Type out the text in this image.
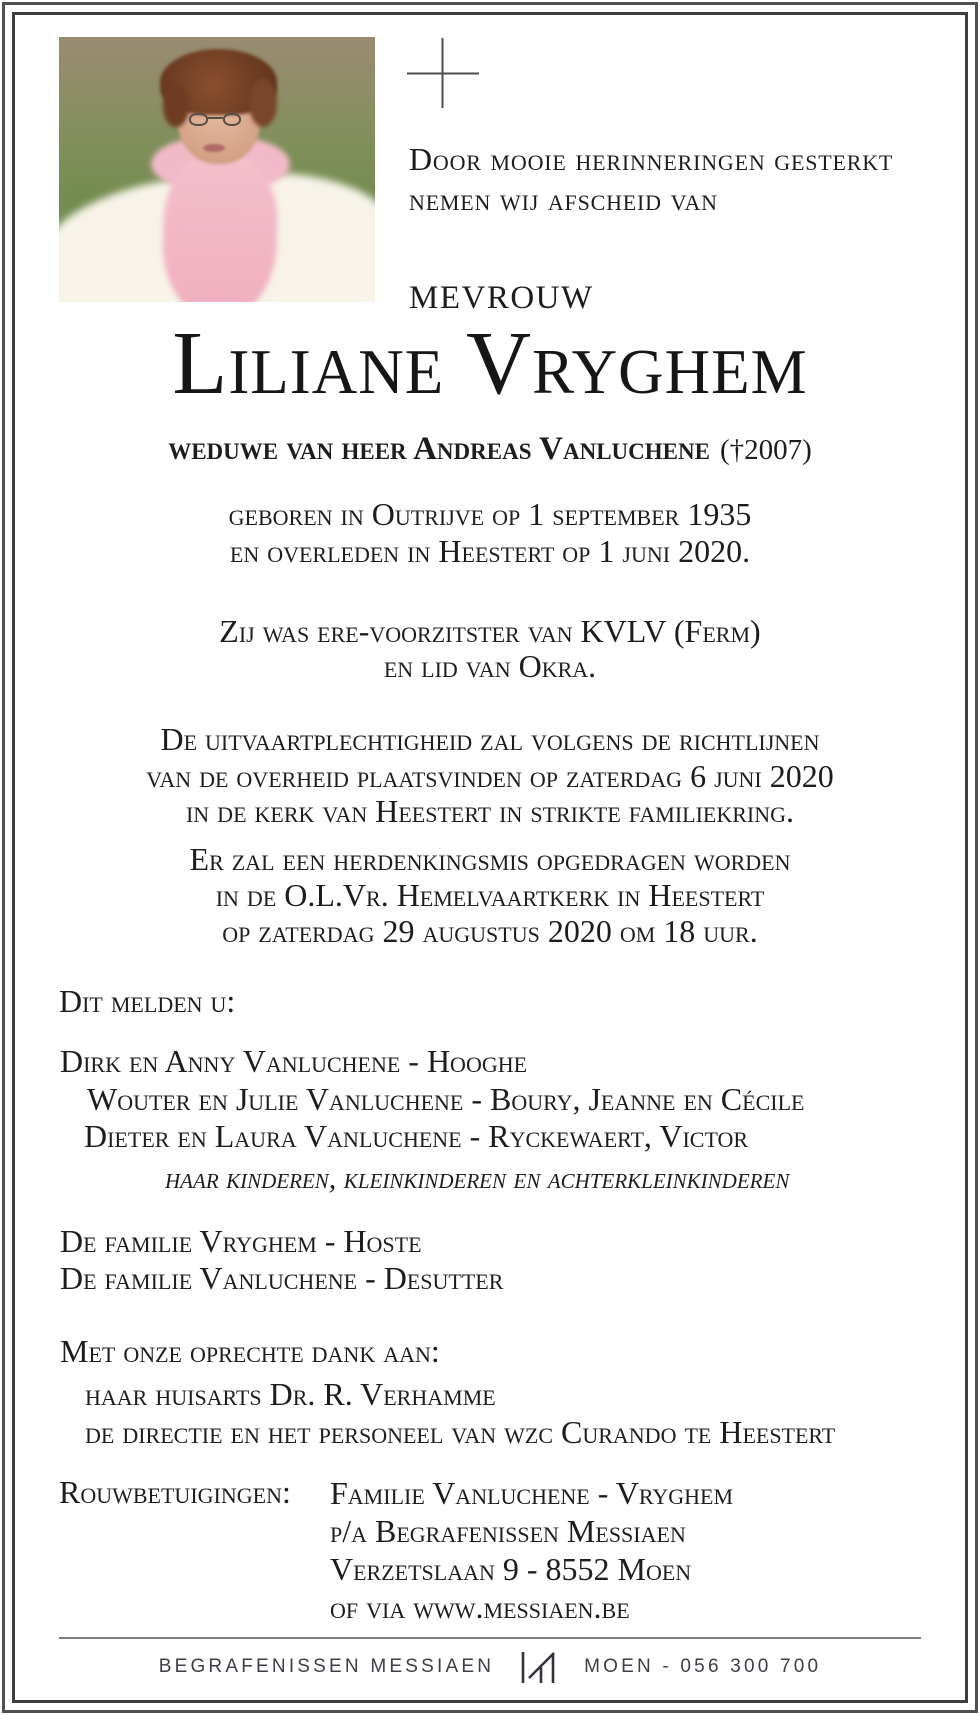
Door mooie herinneringen gesterkt
nemen wij afscheid van
MEVROUW
Liliane Vryghem
weduwe van heer Andreas Vanluchene (†2007)
geboren in Outrijve op 1 september 1935
en overleden in Heestert op 1 juni 2020.
Zij was ere-voorzitster van KVLV (Ferm)
en lid van Okra.
De uitvaartplechtigheid zal volgens de richtlijnen
van de overheid plaatsvinden op zaterdag 6 juni 2020
in de kerk van Heestert in strikte familiekring.
Er zal een herdenkingsmis opgedragen worden
in de O.L.Vr. Hemelvaartkerk in Heestert
op zaterdag 29 augustus 2020 om 18 uur.
Dit melden u:
Dirk en Anny Vanluchene - Hooghe
Wouter en Julie Vanluchene - Boury, Jeanne en Cécile
Dieter en Laura Vanluchene - Ryckewaert, Victor
haar kinderen, kleinkinderen en achterkleinkinderen
De familie Vryghem - Hoste
De familie Vanluchene - Desutter
Met onze oprechte dank aan:
haar huisarts Dr. R. Verhamme
de directie en het personeel van wzc Curando te Heestert
Rouwbetuigingen: Familie Vanluchene - Vryghem
p/a Begrafenissen Messiaen
Verzetslaan 9 - 8552 Moen
of via www.messiaen.be
BEGRAFENISSEN MESSIAEN	MOEN - 056 300 700
